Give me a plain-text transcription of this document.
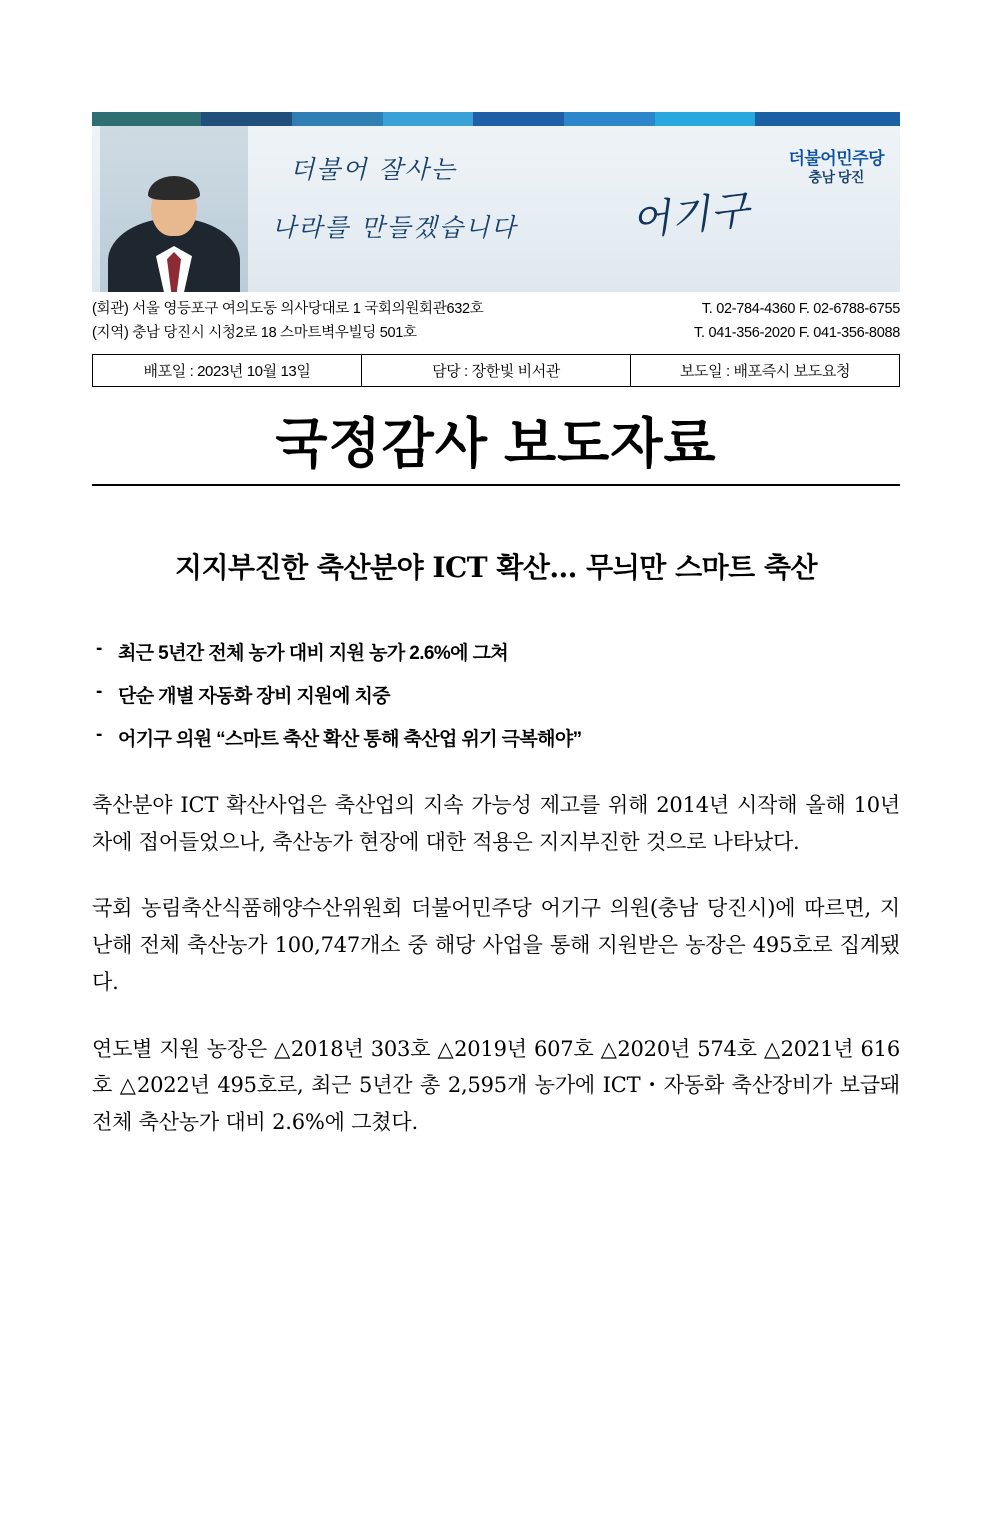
더불어 잘사는
나라를 만들겠습니다	어기구
더불어민주당
충남 당진
(회관) 서울 영등포구 여의도동 의사당대로 1 국회의원회관632호	T. 02-784-4360 F. 02-6788-6755
(지역) 충남 당진시 시청2로 18 스마트벽우빌딩 501호	T. 041-356-2020 F. 041-356-8088
배포일 : 2023년 10월 13일	담당 : 장한빛 비서관	보도일 : 배포즉시 보도요청
국정감사 보도자료
지지부진한 축산분야 ICT 확산… 무늬만 스마트 축산
- 최근 5년간 전체 농가 대비 지원 농가 2.6%에 그쳐
- 단순 개별 자동화 장비 지원에 치중
- 어기구 의원 “스마트 축산 확산 통해 축산업 위기 극복해야”

축산분야 ICT 확산사업은 축산업의 지속 가능성 제고를 위해 2014년 시작해 올해 10년 차에 접어들었으나, 축산농가 현장에 대한 적용은 지지부진한 것으로 나타났다.

국회 농림축산식품해양수산위원회 더불어민주당 어기구 의원(충남 당진시)에 따르면, 지난해 전체 축산농가 100,747개소 중 해당 사업을 통해 지원받은 농장은 495호로 집계됐다.

연도별 지원 농장은 △2018년 303호 △2019년 607호 △2020년 574호 △2021년 616호 △2022년 495호로, 최근 5년간 총 2,595개 농가에 ICT・자동화 축산장비가 보급돼 전체 축산농가 대비 2.6%에 그쳤다.
